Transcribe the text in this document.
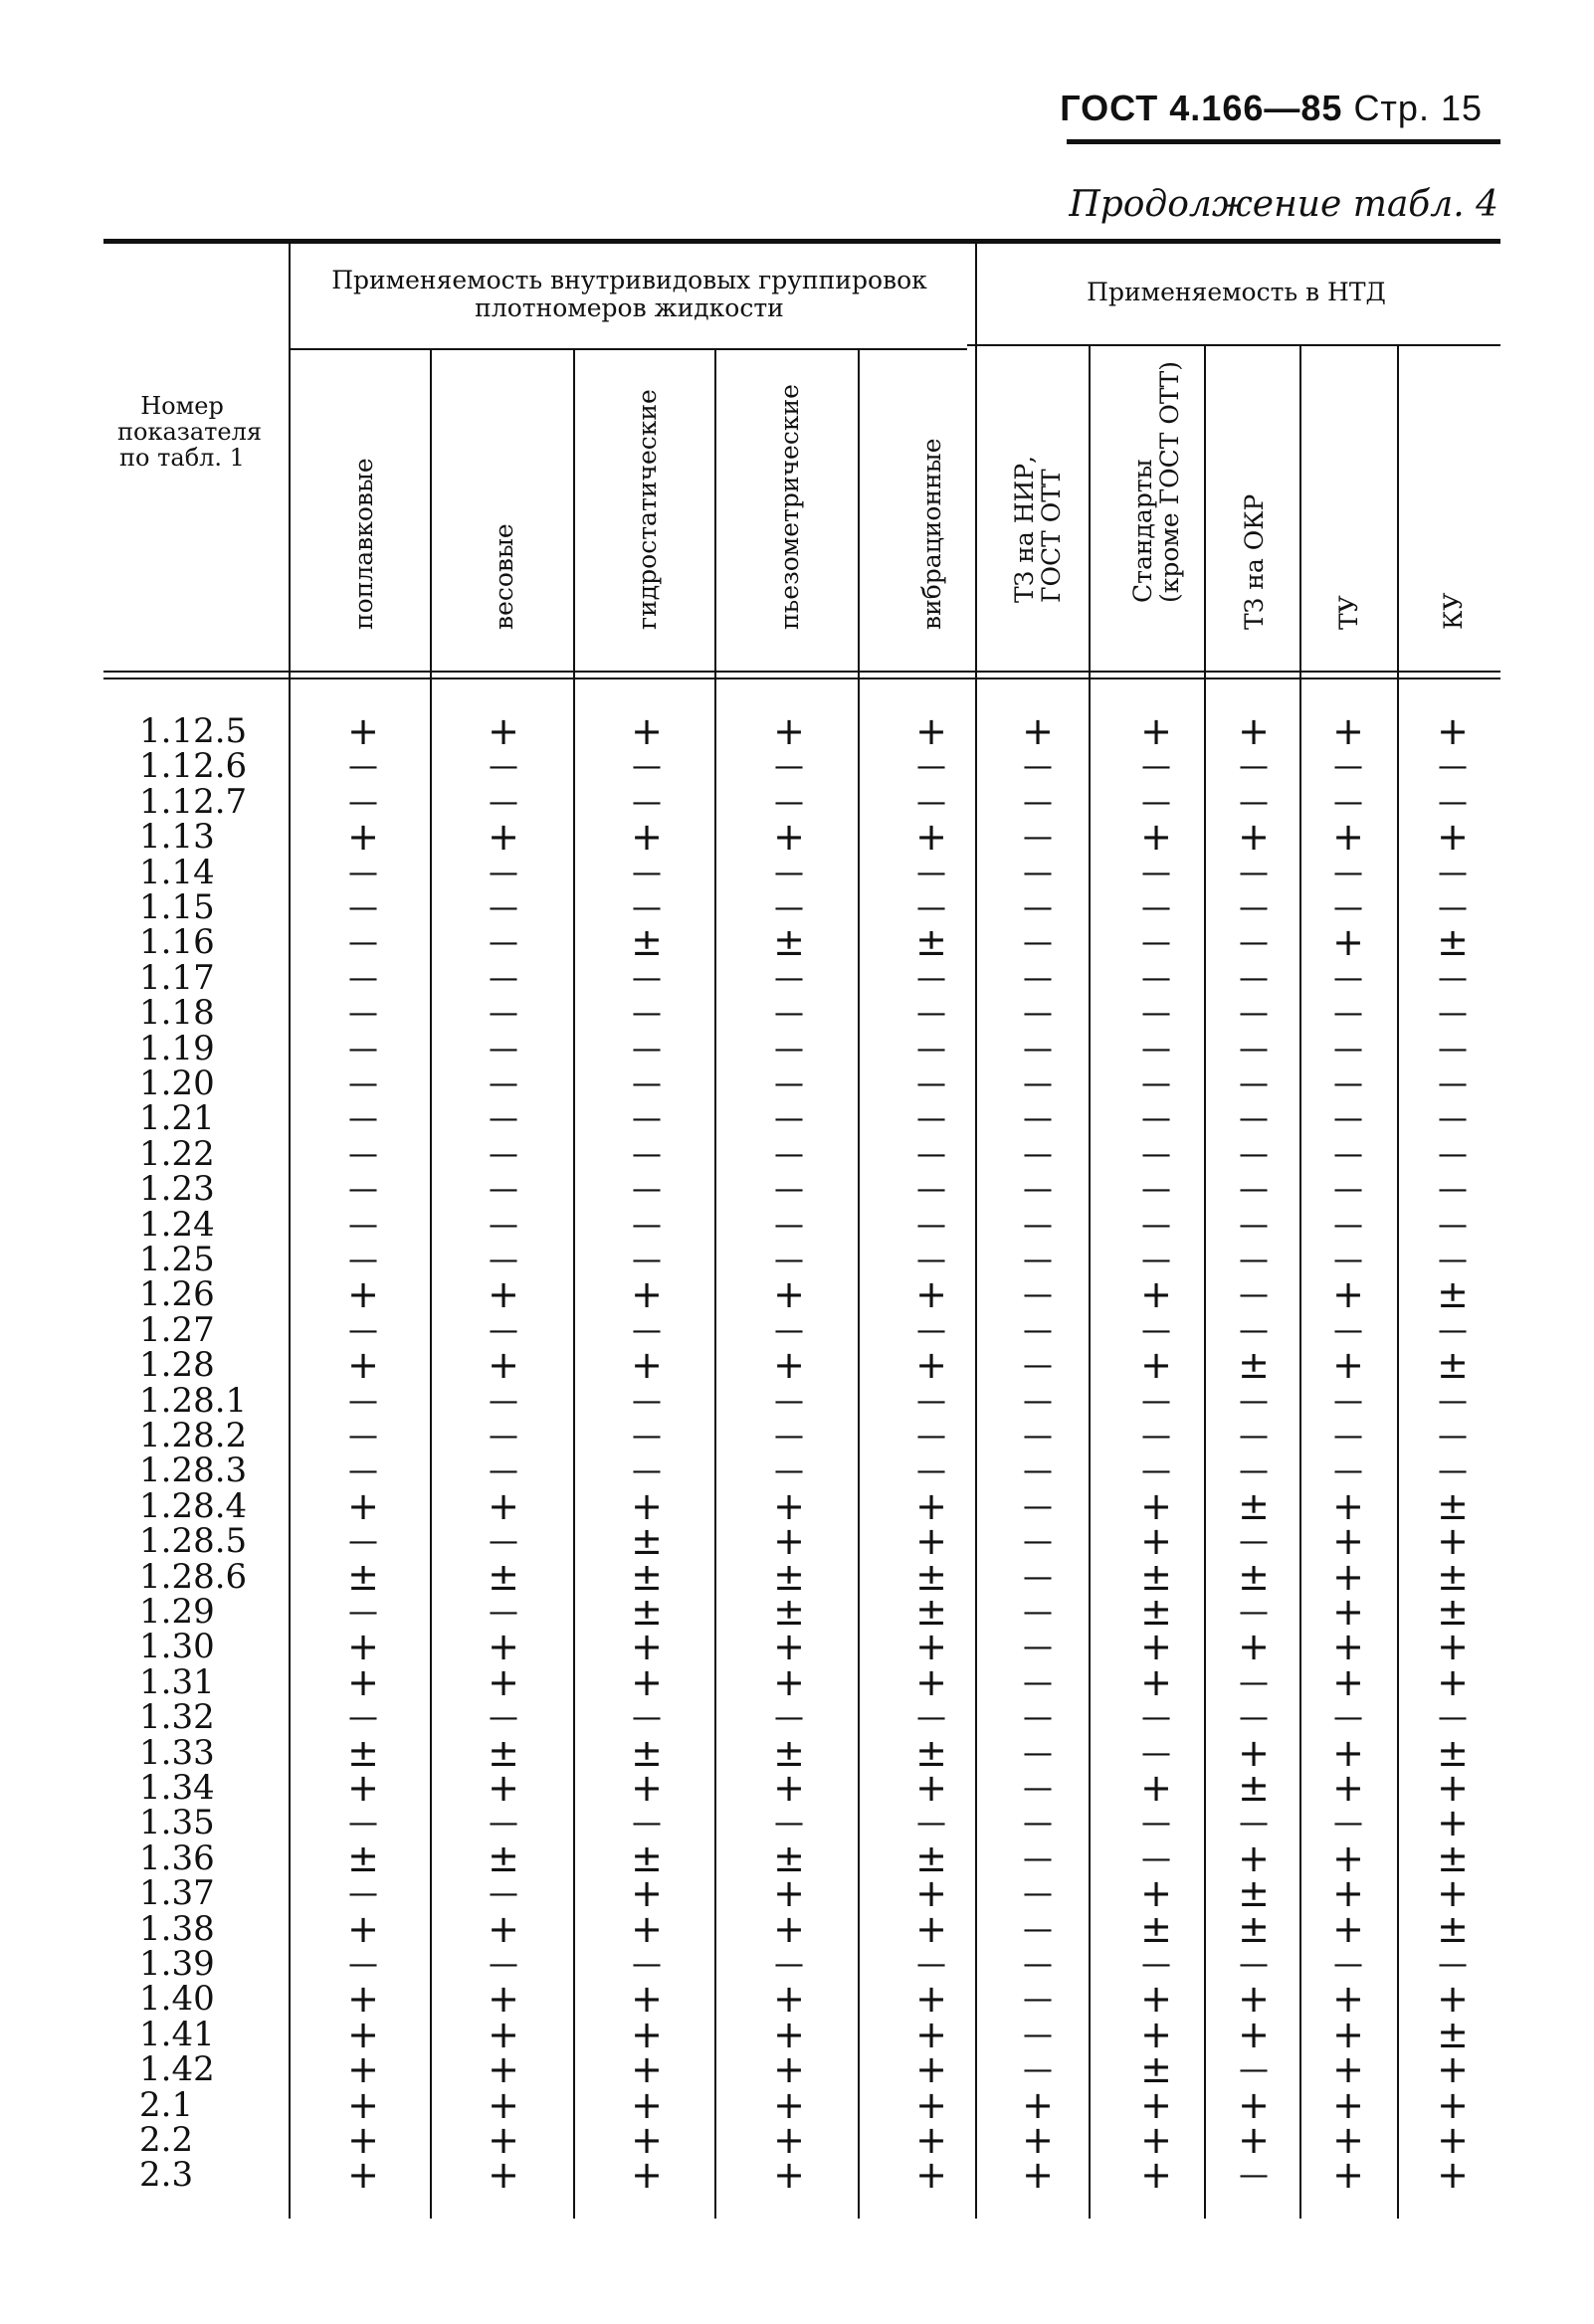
ГОСТ 4.166—85 Стр. 15
Продолжение табл. 4
Применяемость внутривидовых группировок плотномеров жидкости
Применяемость в НТД
Номер показателя по табл. 1
поплавковые	весовые	гидростатические	пьезометрические	вибрационные	ТЗ на НИР,
ГОСТ ОТТ	Стандарты
(кроме ГОСТ ОТТ)
ТЗ на ОКР	ТУ	КУ
1.12.5	+	+	+	+	+	+	+	+	+	+
1.12.6	—	—	—	—	—	—	—	—	—	—
1.12.7	—	—	—	—	—	—	—	—	—	—
1.13	+	+	+	+	+	—	+	+	+	+
1.14	—	—	—	—	—	—	—	—	—	—
1.15	—	—	—	—	—	—	—	—	—	—
1.16	—	—	±	±	±	—	—	—	+	±
1.17	—	—	—	—	—	—	—	—	—	—
1.18	—	—	—	—	—	—	—	—	—	—
1.19	—	—	—	—	—	—	—	—	—	—
1.20	—	—	—	—	—	—	—	—	—	—
1.21	—	—	—	—	—	—	—	—	—	—
1.22	—	—	—	—	—	—	—	—	—	—
1.23	—	—	—	—	—	—	—	—	—	—
1.24	—	—	—	—	—	—	—	—	—	—
1.25	—	—	—	—	—	—	—	—	—	—
1.26	+	+	+	+	+	—	+	—	+	±
1.27	—	—	—	—	—	—	—	—	—	—
1.28	+	+	+	+	+	—	+	±	+	±
1.28.1	—	—	—	—	—	—	—	—	—	—
1.28.2	—	—	—	—	—	—	—	—	—	—
1.28.3	—	—	—	—	—	—	—	—	—	—
1.28.4	+	+	+	+	+	—	+	±	+	±
1.28.5	—	—	±	+	+	—	+	—	+	+
1.28.6	±	±	±	±	±	—	±	±	+	±
1.29	—	—	±	±	±	—	±	—	+	±
1.30	+	+	+	+	+	—	+	+	+	+
1.31	+	+	+	+	+	—	+	—	+	+
1.32	—	—	—	—	—	—	—	—	—	—
1.33	±	±	±	±	±	—	—	+	+	±
1.34	+	+	+	+	+	—	+	±	+	+
1.35	—	—	—	—	—	—	—	—	—	+
1.36	±	±	±	±	±	—	—	+	+	±
1.37	—	—	+	+	+	—	+	±	+	+
1.38	+	+	+	+	+	—	±	±	+	±
1.39	—	—	—	—	—	—	—	—	—	—
1.40	+	+	+	+	+	—	+	+	+	+
1.41	+	+	+	+	+	—	+	+	+	±
1.42	+	+	+	+	+	—	±	—	+	+
2.1	+	+	+	+	+	+	+	+	+	+
2.2	+	+	+	+	+	+	+	+	+	+
2.3	+	+	+	+	+	+	+	—	+	+
